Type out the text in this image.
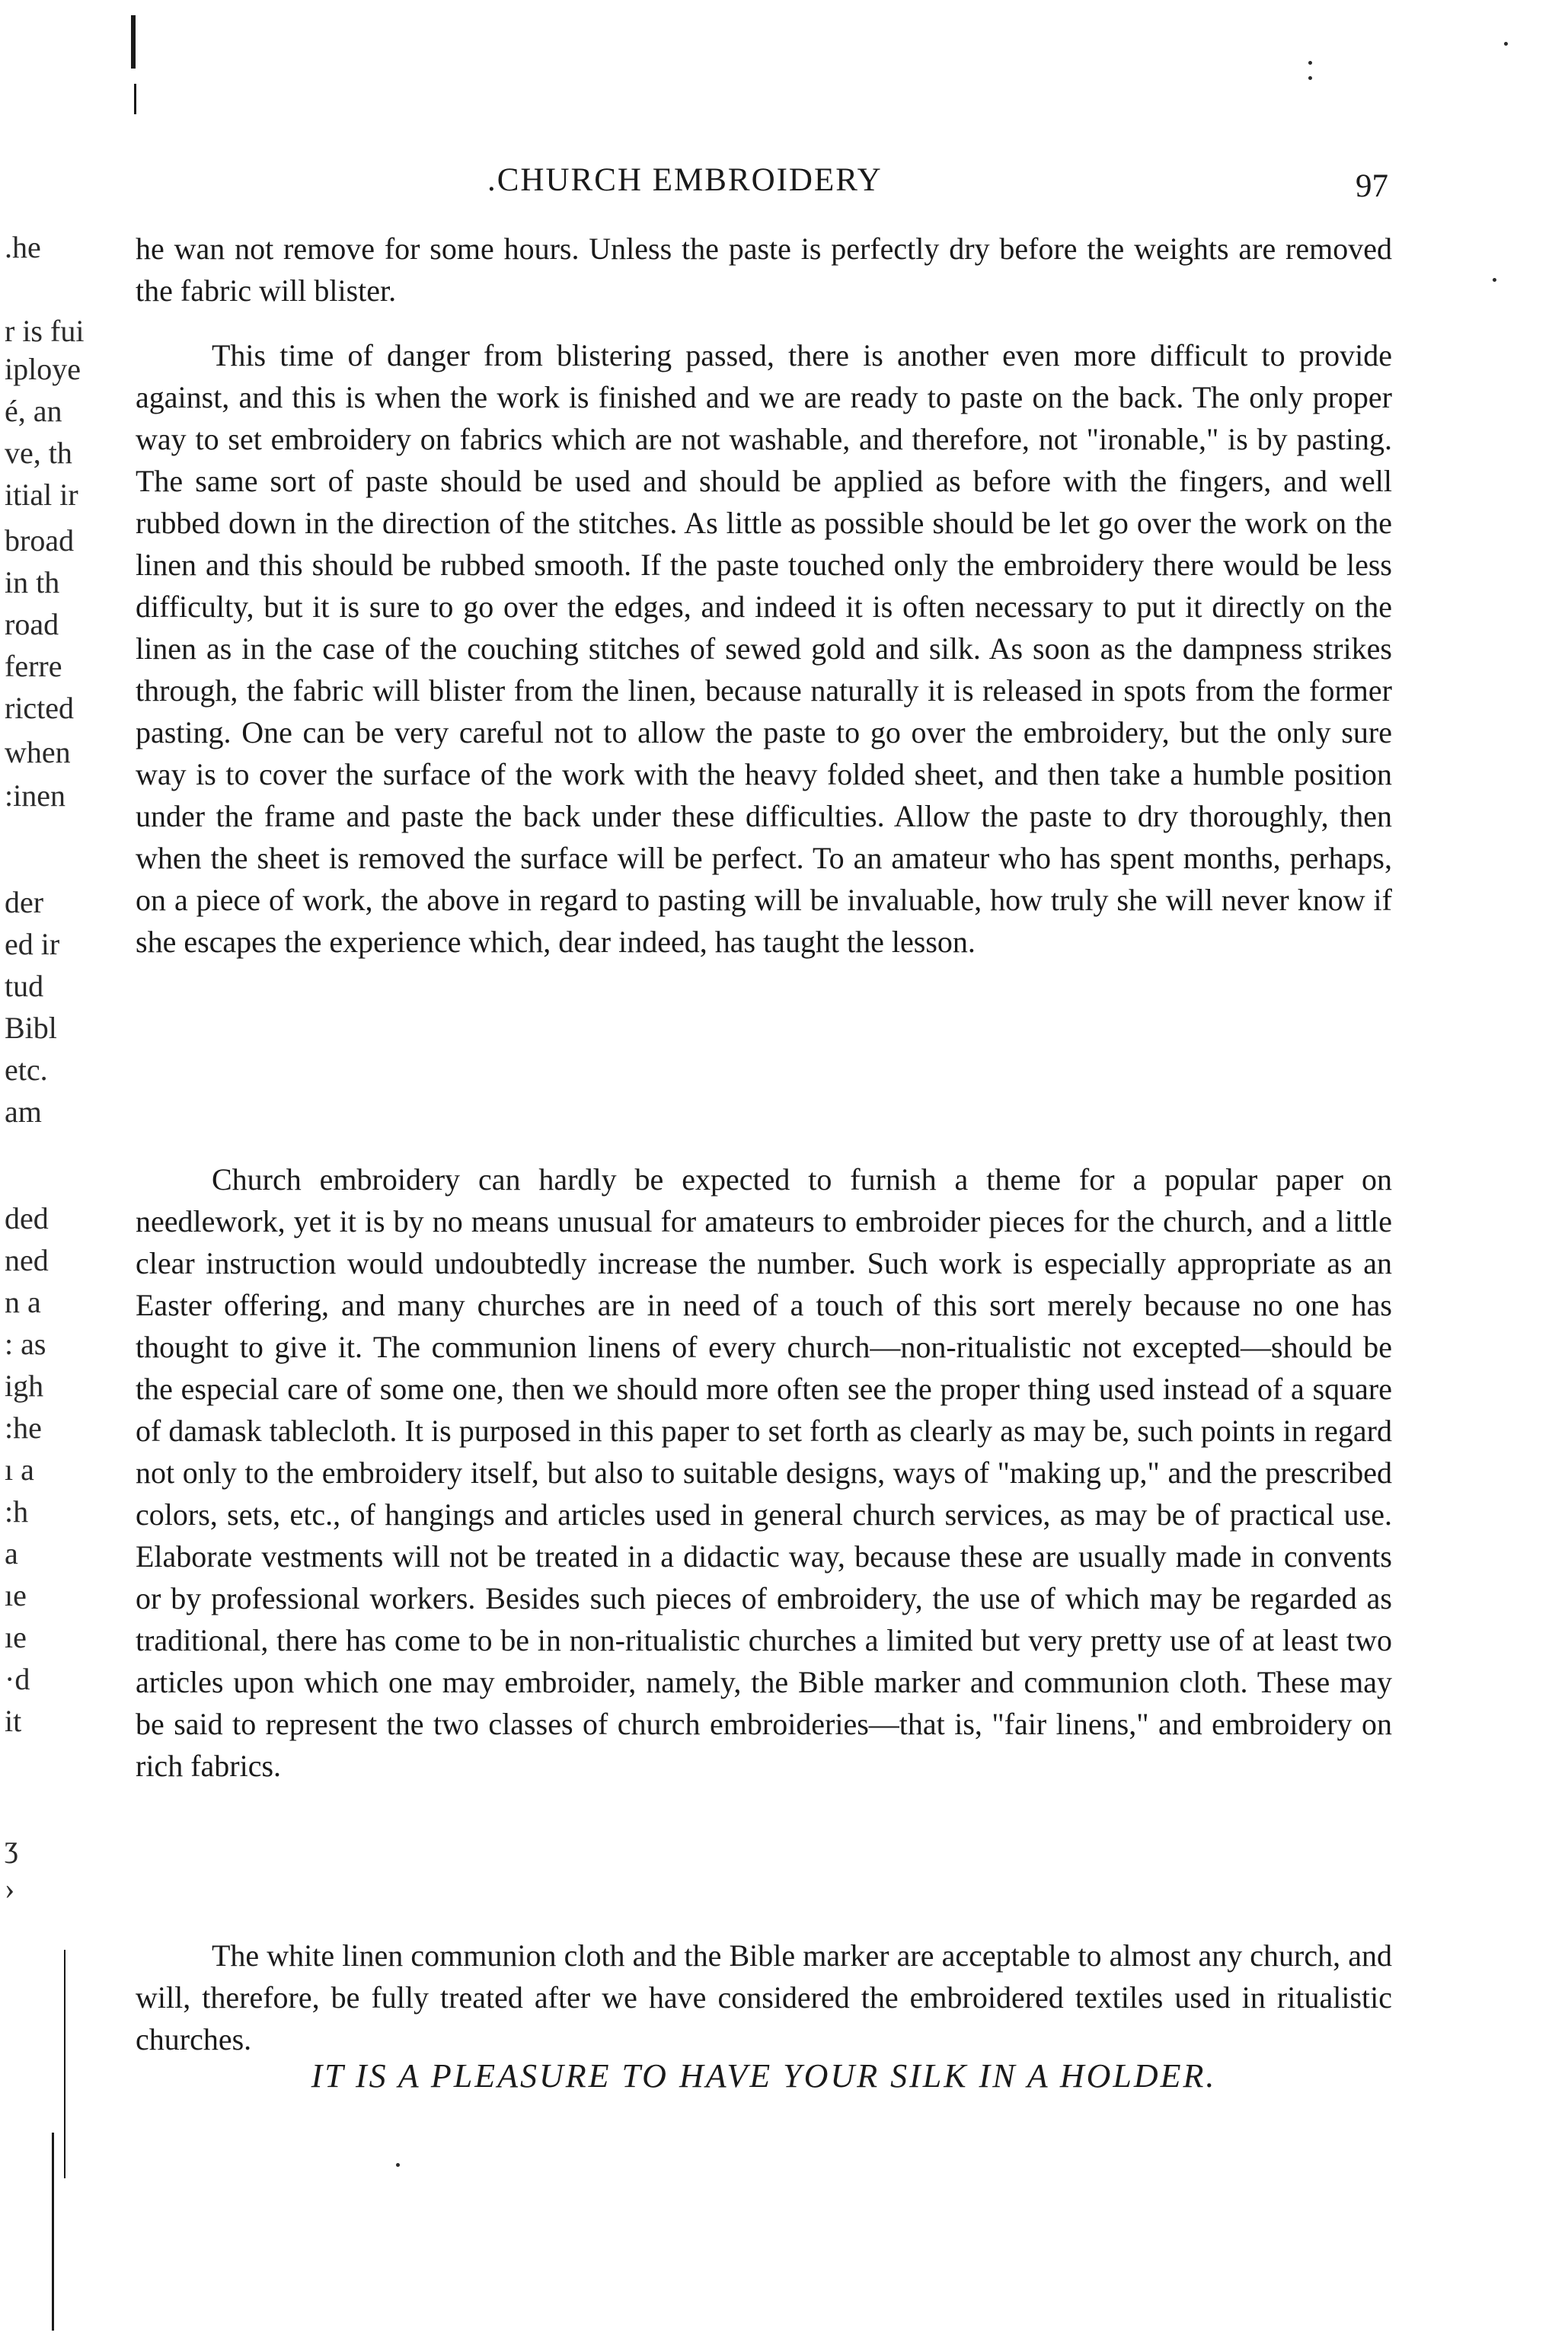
.CHURCH EMBROIDERY	97
.he
r is fui
iploye
é, an
ve, th
itial ir
broad
in th
road
ferre
ricted
when
:inen
der
ed ir
tud
Bibl
etc.
am
ded
ned
n a
: as
igh
:he
ı a
:h
a
ıe
ıe
·d
it
ʒ
›

he wan not remove for some hours. Unless the paste is perfectly dry before the weights are removed the fabric will blister.

This time of danger from blistering passed, there is another even more difficult to provide against, and this is when the work is finished and we are ready to paste on the back. The only proper way to set embroidery on fabrics which are not washable, and therefore, not "ironable," is by pasting. The same sort of paste should be used and should be applied as before with the fingers, and well rubbed down in the direction of the stitches. As little as possible should be let go over the work on the linen and this should be rubbed smooth. If the paste touched only the embroidery there would be less difficulty, but it is sure to go over the edges, and indeed it is often necessary to put it directly on the linen as in the case of the couching stitches of sewed gold and silk. As soon as the dampness strikes through, the fabric will blister from the linen, because naturally it is released in spots from the former pasting. One can be very careful not to allow the paste to go over the embroidery, but the only sure way is to cover the surface of the work with the heavy folded sheet, and then take a humble position under the frame and paste the back under these difficulties. Allow the paste to dry thoroughly, then when the sheet is removed the surface will be perfect. To an amateur who has spent months, perhaps, on a piece of work, the above in regard to pasting will be invaluable, how truly she will never know if she escapes the experience which, dear indeed, has taught the lesson.

Church embroidery can hardly be expected to furnish a theme for a popular paper on needlework, yet it is by no means unusual for amateurs to embroider pieces for the church, and a little clear instruction would undoubtedly increase the number. Such work is especially appropriate as an Easter offering, and many churches are in need of a touch of this sort merely because no one has thought to give it. The communion linens of every church—non-ritualistic not excepted—should be the especial care of some one, then we should more often see the proper thing used instead of a square of damask tablecloth. It is purposed in this paper to set forth as clearly as may be, such points in regard not only to the embroidery itself, but also to suitable designs, ways of "making up," and the prescribed colors, sets, etc., of hangings and articles used in general church services, as may be of practical use. Elaborate vestments will not be treated in a didactic way, because these are usually made in convents or by professional workers. Besides such pieces of embroidery, the use of which may be regarded as traditional, there has come to be in non-ritualistic churches a limited but very pretty use of at least two articles upon which one may embroider, namely, the Bible marker and communion cloth. These may be said to represent the two classes of church embroideries—that is, "fair linens," and embroidery on rich fabrics.

The white linen communion cloth and the Bible marker are acceptable to almost any church, and will, therefore, be fully treated after we have considered the embroidered textiles used in ritualistic churches.

IT IS A PLEASURE TO HAVE YOUR SILK IN A HOLDER.
